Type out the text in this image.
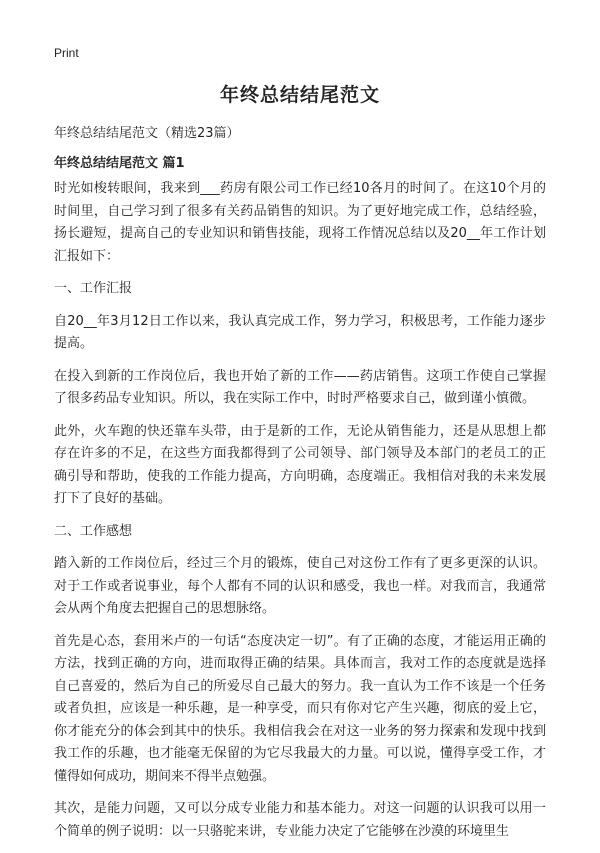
Print
年终总结结尾范文

年终总结结尾范文（精选23篇）

年终总结结尾范文 篇1

时光如梭转眼间，我来到___药房有限公司工作已经10各月的时间了。在这10个月的时间里，自己学习到了很多有关药品销售的知识。为了更好地完成工作，总结经验，扬长避短，提高自己的专业知识和销售技能，现将工作情况总结以及20__年工作计划汇报如下：

一、工作汇报

自20__年3月12日工作以来，我认真完成工作，努力学习，积极思考，工作能力逐步提高。

在投入到新的工作岗位后，我也开始了新的工作——药店销售。这项工作使自己掌握了很多药品专业知识。所以，我在实际工作中，时时严格要求自己，做到谨小慎微。

此外，火车跑的快还靠车头带，由于是新的工作，无论从销售能力，还是从思想上都存在许多的不足，在这些方面我都得到了公司领导、部门领导及本部门的老员工的正确引导和帮助，使我的工作能力提高，方向明确，态度端正。我相信对我的未来发展打下了良好的基础。

二、工作感想

踏入新的工作岗位后，经过三个月的锻炼，使自己对这份工作有了更多更深的认识。对于工作或者说事业，每个人都有不同的认识和感受，我也一样。对我而言，我通常会从两个角度去把握自己的思想脉络。

首先是心态，套用米卢的一句话“态度决定一切”。有了正确的态度，才能运用正确的方法，找到正确的方向，进而取得正确的结果。具体而言，我对工作的态度就是选择自己喜爱的，然后为自己的所爱尽自己最大的努力。我一直认为工作不该是一个任务或者负担，应该是一种乐趣，是一种享受，而只有你对它产生兴趣，彻底的爱上它，你才能充分的体会到其中的快乐。我相信我会在对这一业务的努力探索和发现中找到我工作的乐趣，也才能毫无保留的为它尽我最大的力量。可以说，懂得享受工作，才懂得如何成功，期间来不得半点勉强。

其次，是能力问题，又可以分成专业能力和基本能力。对这一问题的认识我可以用一个简单的例子说明：以一只骆驼来讲，专业能力决定了它能够在沙漠的环境里生
